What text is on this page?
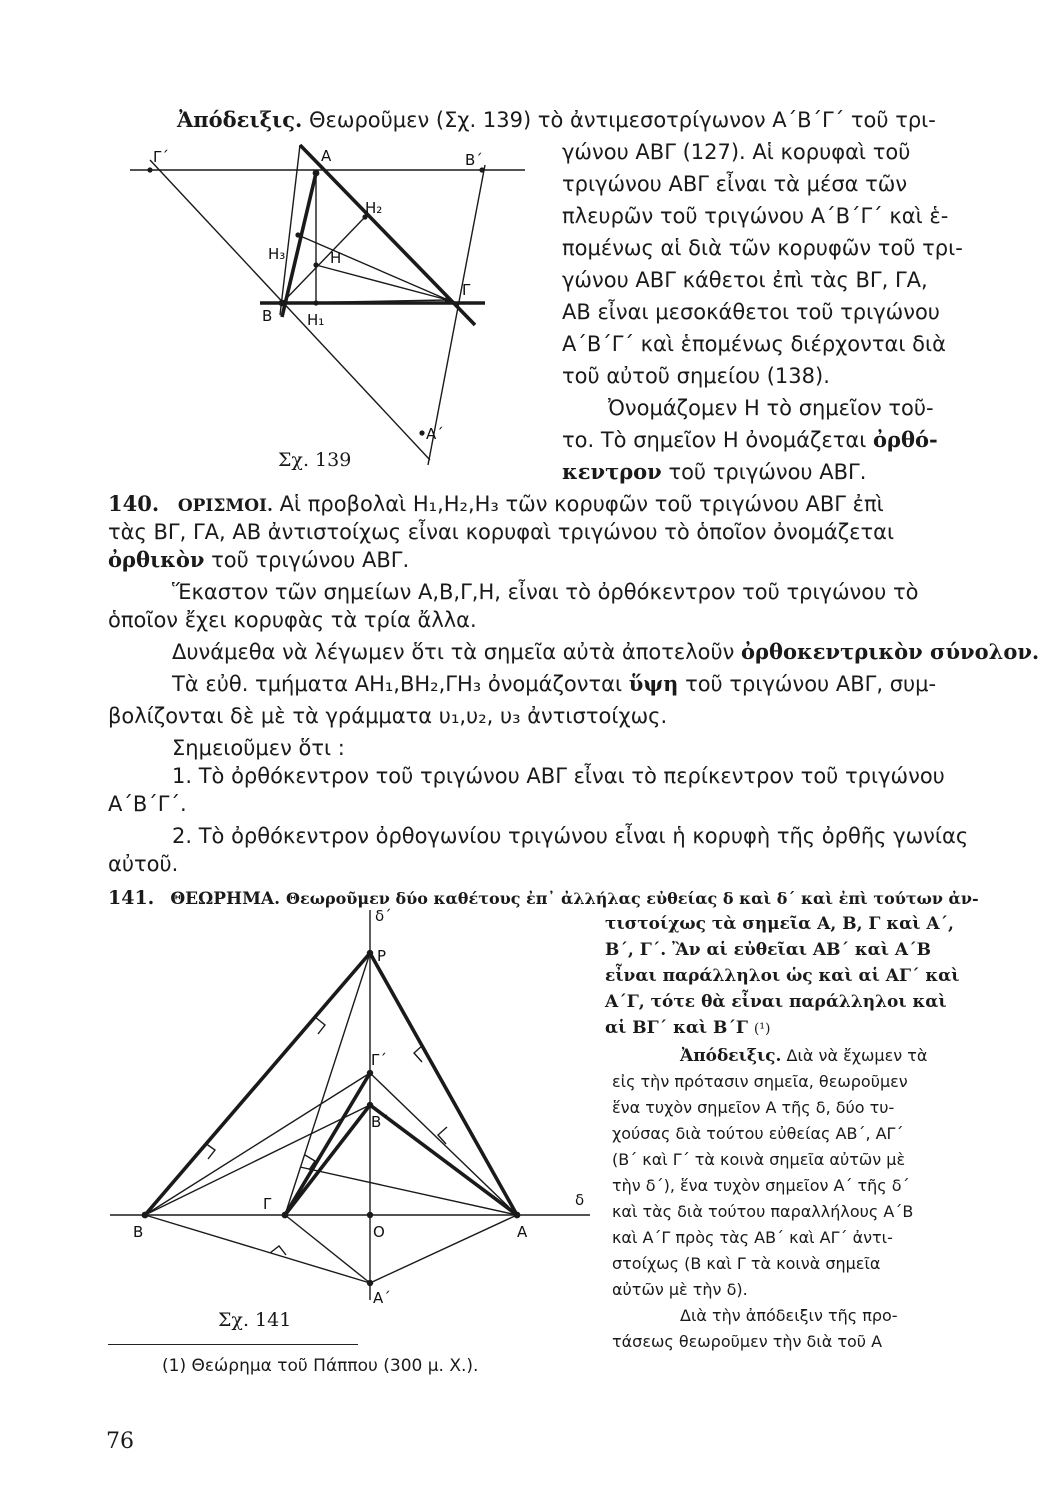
Ἀπόδειξις. Θεωροῦμεν (Σχ. 139) τὸ ἀντιμεσοτρίγωνον Α΄Β΄Γ΄ τοῦ τρι-
γώνου ΑΒΓ (127). Αἱ κορυφαὶ τοῦ
τριγώνου ΑΒΓ εἶναι τὰ μέσα τῶν
πλευρῶν τοῦ τριγώνου Α΄Β΄Γ΄ καὶ ἑ-
πομένως αἱ διὰ τῶν κορυφῶν τοῦ τρι-
γώνου ΑΒΓ κάθετοι ἐπὶ τὰς ΒΓ, ΓΑ,
ΑΒ εἶναι μεσοκάθετοι τοῦ τριγώνου
Α΄Β΄Γ΄ καὶ ἑπομένως διέρχονται διὰ
τοῦ αὐτοῦ σημείου (138).
Ὀνομάζομεν Η τὸ σημεῖον τοῦ-
το. Τὸ σημεῖον Η ὀνομάζεται ὀρθό-
κεντρον τοῦ τριγώνου ΑΒΓ.
Γ΄	Α	Β΄
Η₂
Η₃	Η
Γ
Β Η₁
Α΄
Σχ. 139
140. ΟΡΙΣΜΟΙ. Αἱ προβολαὶ Η₁,Η₂,Η₃ τῶν κορυφῶν τοῦ τριγώνου ΑΒΓ ἐπὶ
τὰς ΒΓ, ΓΑ, ΑΒ ἀντιστοίχως εἶναι κορυφαὶ τριγώνου τὸ ὁποῖον ὀνομάζεται
ὀρθικὸν τοῦ τριγώνου ΑΒΓ.
Ἕκαστον τῶν σημείων Α,Β,Γ,Η, εἶναι τὸ ὀρθόκεντρον τοῦ τριγώνου τὸ
ὁποῖον ἔχει κορυφὰς τὰ τρία ἄλλα.
Δυνάμεθα νὰ λέγωμεν ὅτι τὰ σημεῖα αὐτὰ ἀποτελοῦν ὀρθοκεντρικὸν σύνολον.
Τὰ εὐθ. τμήματα ΑΗ₁,ΒΗ₂,ΓΗ₃ ὀνομάζονται ὕψη τοῦ τριγώνου ΑΒΓ, συμ-
βολίζονται δὲ μὲ τὰ γράμματα υ₁,υ₂, υ₃ ἀντιστοίχως.
Σημειοῦμεν ὅτι :
1. Τὸ ὀρθόκεντρον τοῦ τριγώνου ΑΒΓ εἶναι τὸ περίκεντρον τοῦ τριγώνου
Α΄Β΄Γ΄.
2. Τὸ ὀρθόκεντρον ὀρθογωνίου τριγώνου εἶναι ἡ κορυφὴ τῆς ὀρθῆς γωνίας
αὐτοῦ.
141. ΘΕΩΡΗΜΑ. Θεωροῦμεν δύο καθέτους ἐπ᾿ ἀλλήλας εὐθείας δ καὶ δ΄ καὶ ἐπὶ τούτων ἀν-
τιστοίχως τὰ σημεῖα Α, Β, Γ καὶ Α΄,
Β΄, Γ΄. Ἂν αἱ εὐθεῖαι ΑΒ΄ καὶ Α΄Β
εἶναι παράλληλοι ὡς καὶ αἱ ΑΓ΄ καὶ
Α΄Γ, τότε θὰ εἶναι παράλληλοι καὶ
αἱ ΒΓ΄ καὶ Β΄Γ (¹)
Ἀπόδειξις. Διὰ νὰ ἔχωμεν τὰ
εἰς τὴν πρότασιν σημεῖα, θεωροῦμεν
ἕνα τυχὸν σημεῖον Α τῆς δ, δύο τυ-
χούσας διὰ τούτου εὐθείας ΑΒ΄, ΑΓ΄
(Β΄ καὶ Γ΄ τὰ κοινὰ σημεῖα αὐτῶν μὲ
τὴν δ΄), ἕνα τυχὸν σημεῖον Α΄ τῆς δ΄
καὶ τὰς διὰ τούτου παραλλήλους Α΄Β
καὶ Α΄Γ πρὸς τὰς ΑΒ΄ καὶ ΑΓ΄ ἀντι-
στοίχως (Β καὶ Γ τὰ κοινὰ σημεῖα
αὐτῶν μὲ τὴν δ).
Διὰ τὴν ἀπόδειξιν τῆς προ-
τάσεως θεωροῦμεν τὴν διὰ τοῦ Α
δ΄
Ρ
Γ΄
Β΄
Β
Γ
Ο	Α
δ
Α΄
Σχ. 141
(1) Θεώρημα τοῦ Πάππου (300 μ. Χ.).
76
